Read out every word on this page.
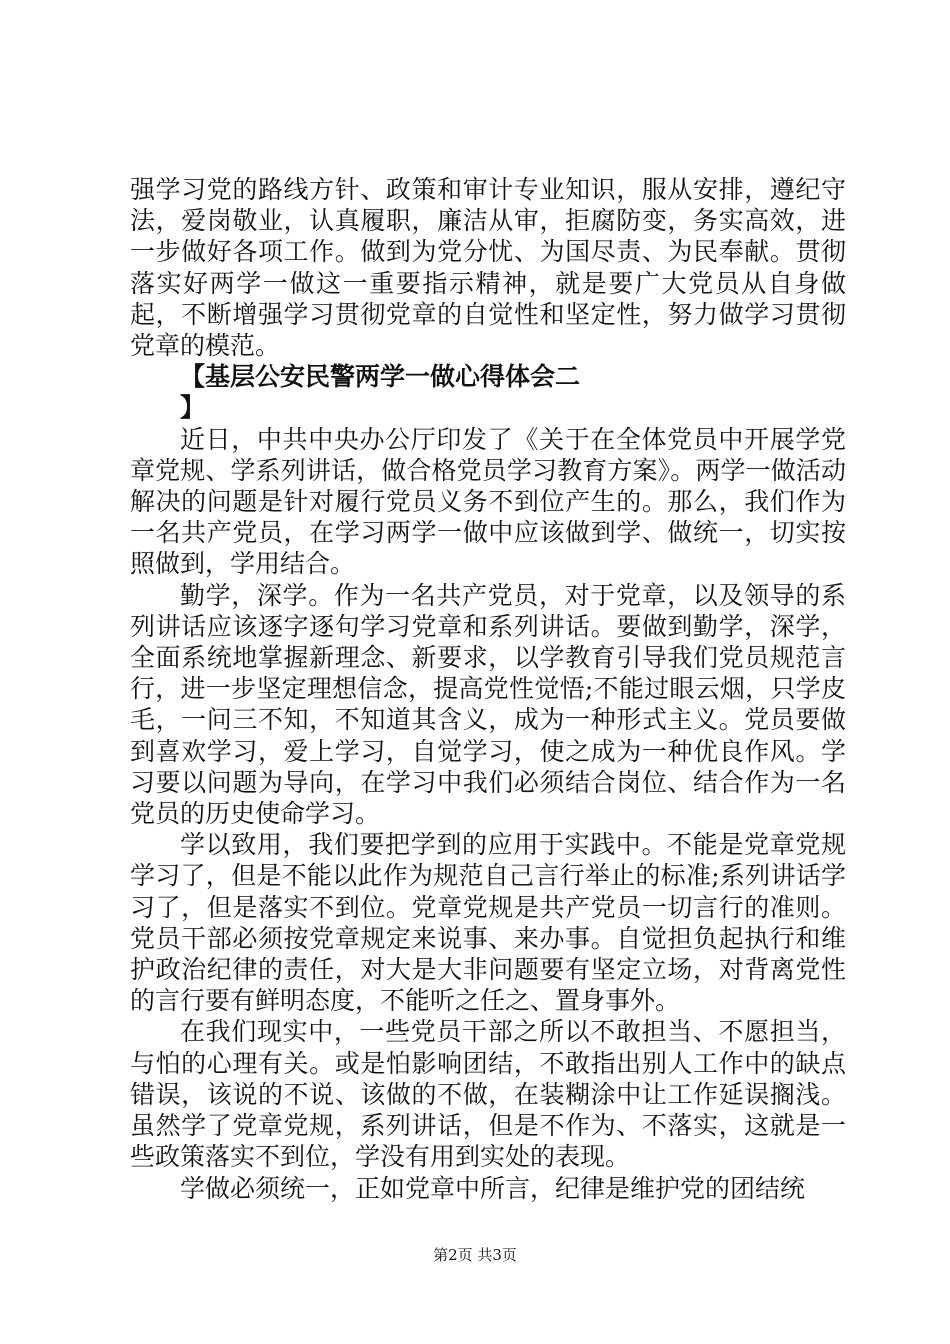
强学习党的路线方针、政策和审计专业知识，服从安排，遵纪守法，爱岗敬业，认真履职，廉洁从审，拒腐防变，务实高效，进一步做好各项工作。做到为党分忧、为国尽责、为民奉献。贯彻落实好两学一做这一重要指示精神，就是要广大党员从自身做起，不断增强学习贯彻党章的自觉性和坚定性，努力做学习贯彻党章的模范。

【基层公安民警两学一做心得体会二

】

近日，中共中央办公厅印发了《关于在全体党员中开展学党章党规、学系列讲话，做合格党员学习教育方案》。两学一做活动解决的问题是针对履行党员义务不到位产生的。那么，我们作为一名共产党员，在学习两学一做中应该做到学、做统一，切实按照做到，学用结合。

勤学，深学。作为一名共产党员，对于党章，以及领导的系列讲话应该逐字逐句学习党章和系列讲话。要做到勤学，深学，全面系统地掌握新理念、新要求，以学教育引导我们党员规范言行，进一步坚定理想信念，提高党性觉悟;不能过眼云烟，只学皮毛，一问三不知，不知道其含义，成为一种形式主义。党员要做到喜欢学习，爱上学习，自觉学习，使之成为一种优良作风。学习要以问题为导向，在学习中我们必须结合岗位、结合作为一名党员的历史使命学习。

学以致用，我们要把学到的应用于实践中。不能是党章党规学习了，但是不能以此作为规范自己言行举止的标准;系列讲话学习了，但是落实不到位。党章党规是共产党员一切言行的准则。党员干部必须按党章规定来说事、来办事。自觉担负起执行和维护政治纪律的责任，对大是大非问题要有坚定立场，对背离党性的言行要有鲜明态度，不能听之任之、置身事外。

在我们现实中，一些党员干部之所以不敢担当、不愿担当，与怕的心理有关。或是怕影响团结，不敢指出别人工作中的缺点错误，该说的不说、该做的不做，在装糊涂中让工作延误搁浅。虽然学了党章党规，系列讲话，但是不作为、不落实，这就是一些政策落实不到位，学没有用到实处的表现。

学做必须统一，正如党章中所言，纪律是维护党的团结统

第2页 共3页
